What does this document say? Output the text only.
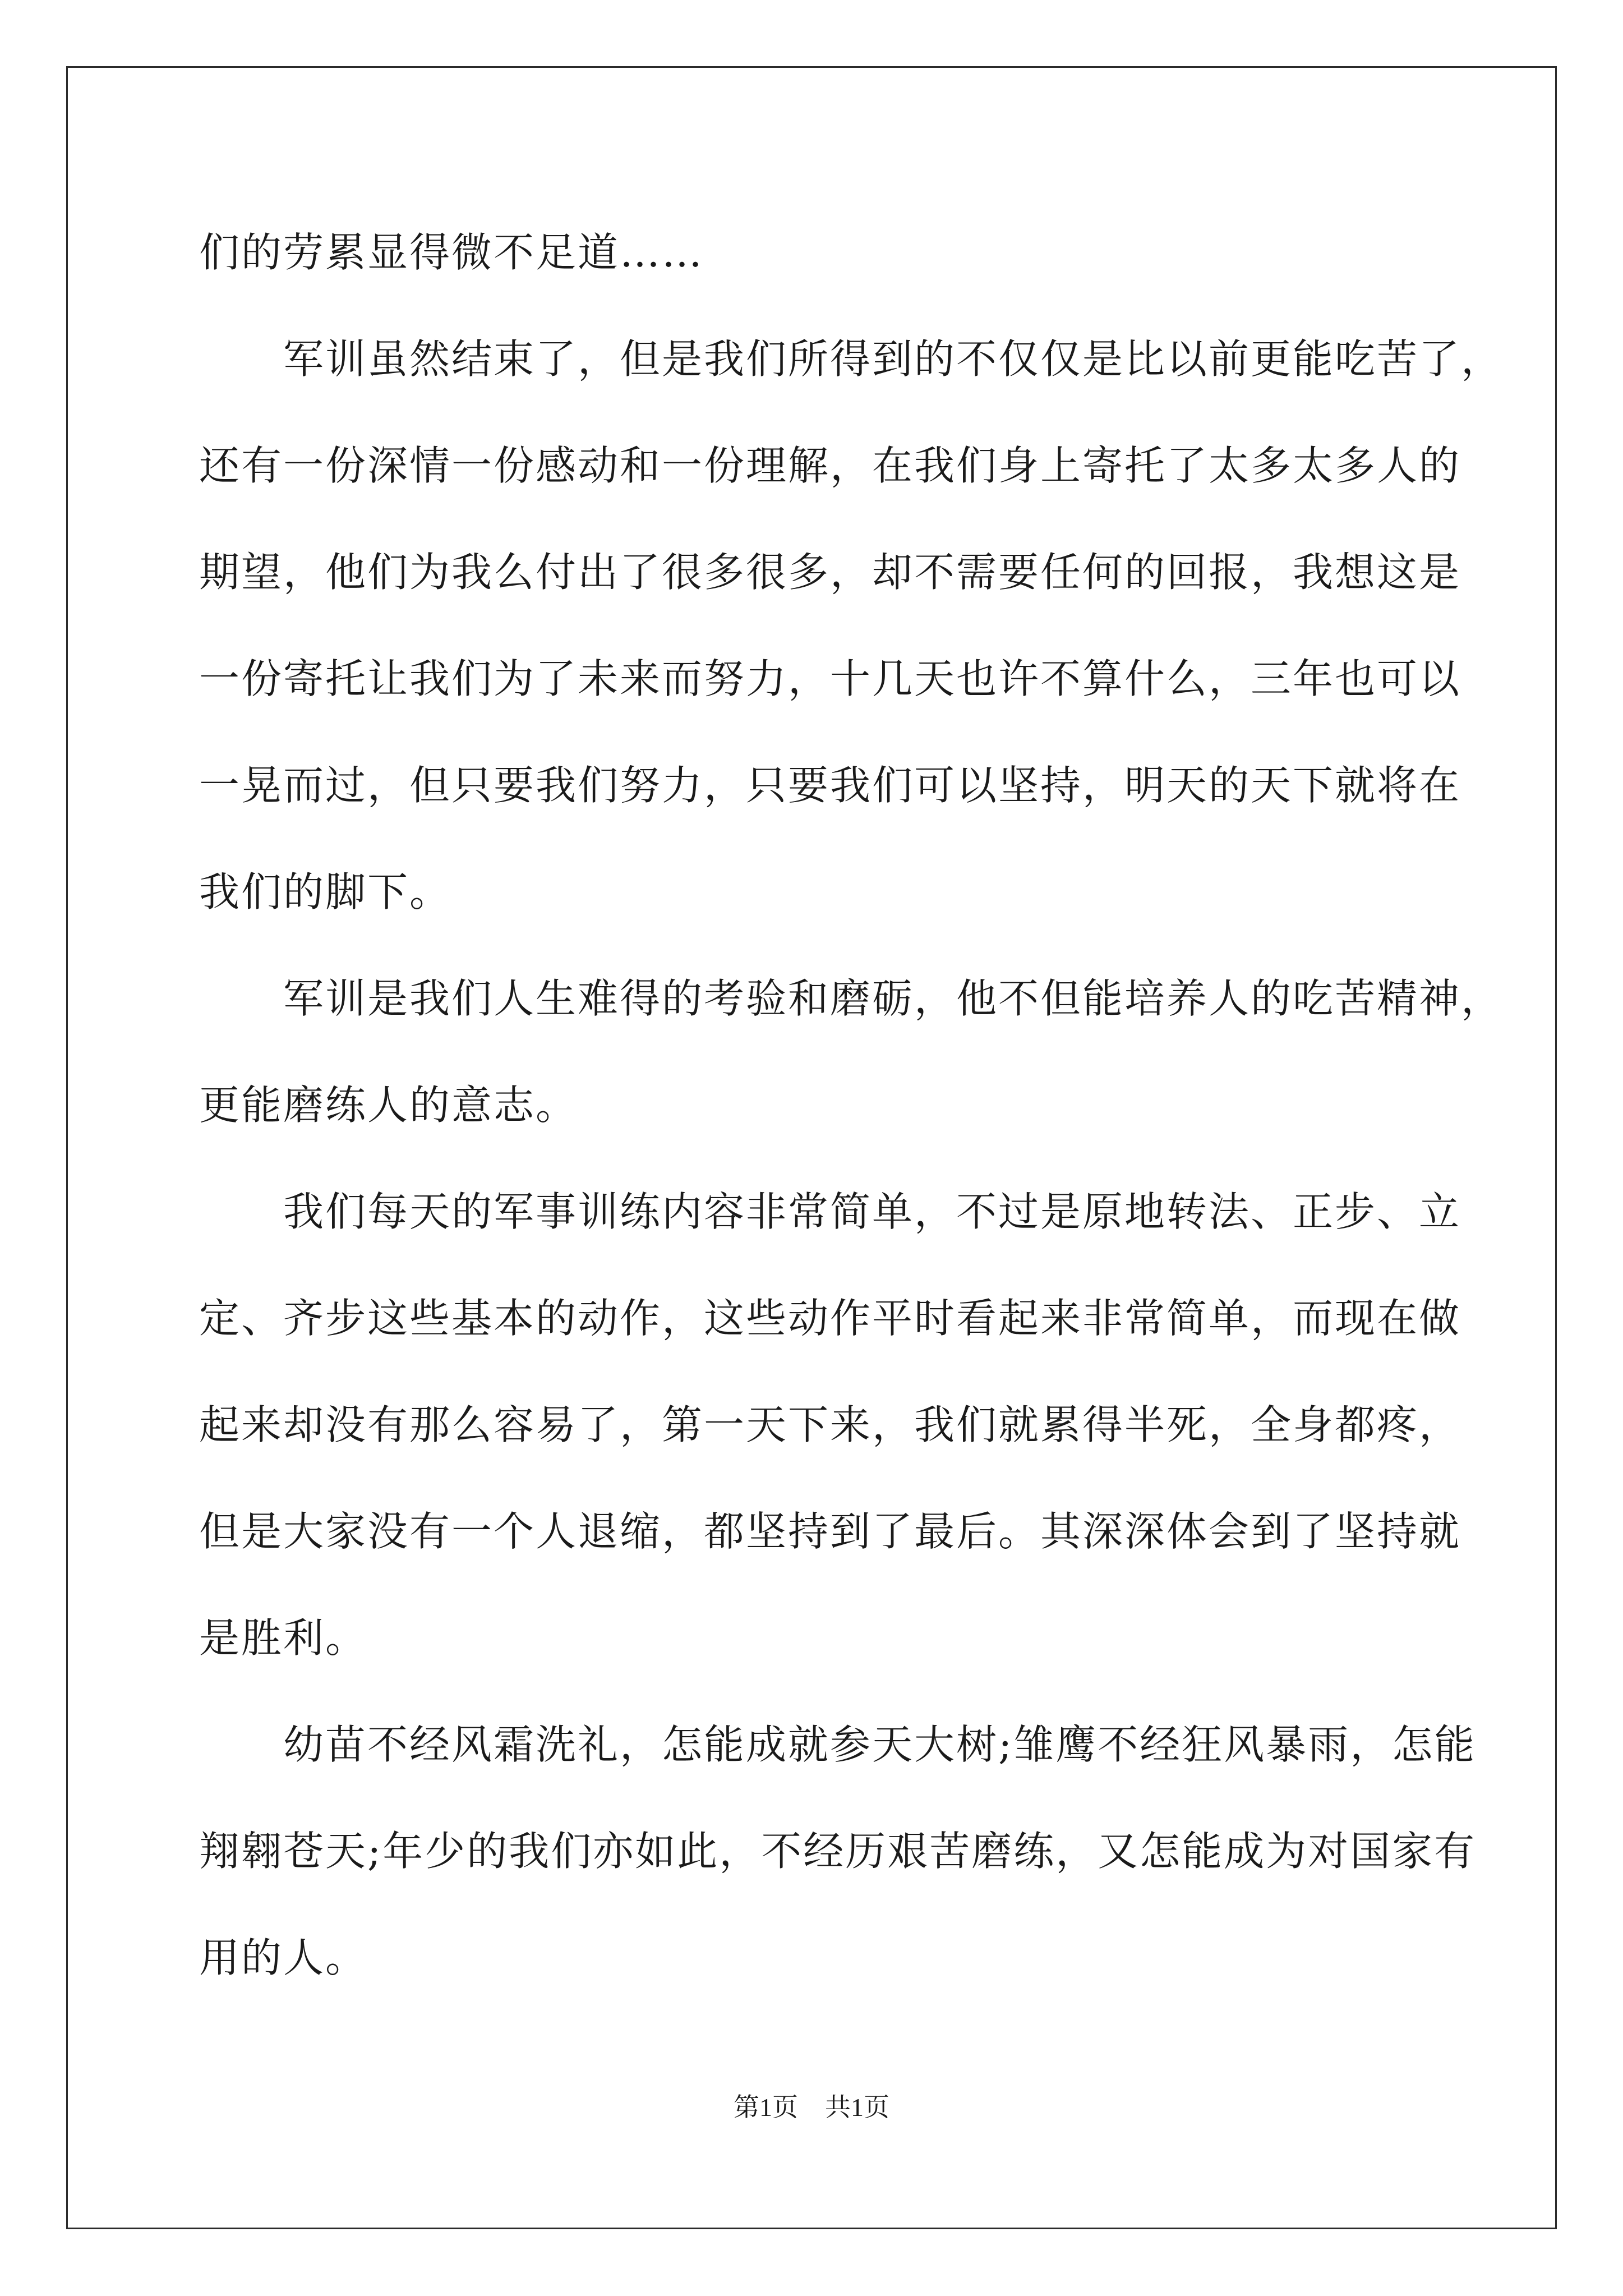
们的劳累显得微不足道……
军训虽然结束了，但是我们所得到的不仅仅是比以前更能吃苦了，
还有一份深情一份感动和一份理解，在我们身上寄托了太多太多人的
期望，他们为我么付出了很多很多，却不需要任何的回报，我想这是
一份寄托让我们为了未来而努力，十几天也许不算什么，三年也可以
一晃而过，但只要我们努力，只要我们可以坚持，明天的天下就将在
我们的脚下。
军训是我们人生难得的考验和磨砺，他不但能培养人的吃苦精神，
更能磨练人的意志。
我们每天的军事训练内容非常简单，不过是原地转法、正步、立
定、齐步这些基本的动作，这些动作平时看起来非常简单，而现在做
起来却没有那么容易了，第一天下来，我们就累得半死，全身都疼，
但是大家没有一个人退缩，都坚持到了最后。其深深体会到了坚持就
是胜利。
幼苗不经风霜洗礼，怎能成就参天大树;雏鹰不经狂风暴雨，怎能
翔翱苍天;年少的我们亦如此，不经历艰苦磨练，又怎能成为对国家有
用的人。
第1页 共1页
